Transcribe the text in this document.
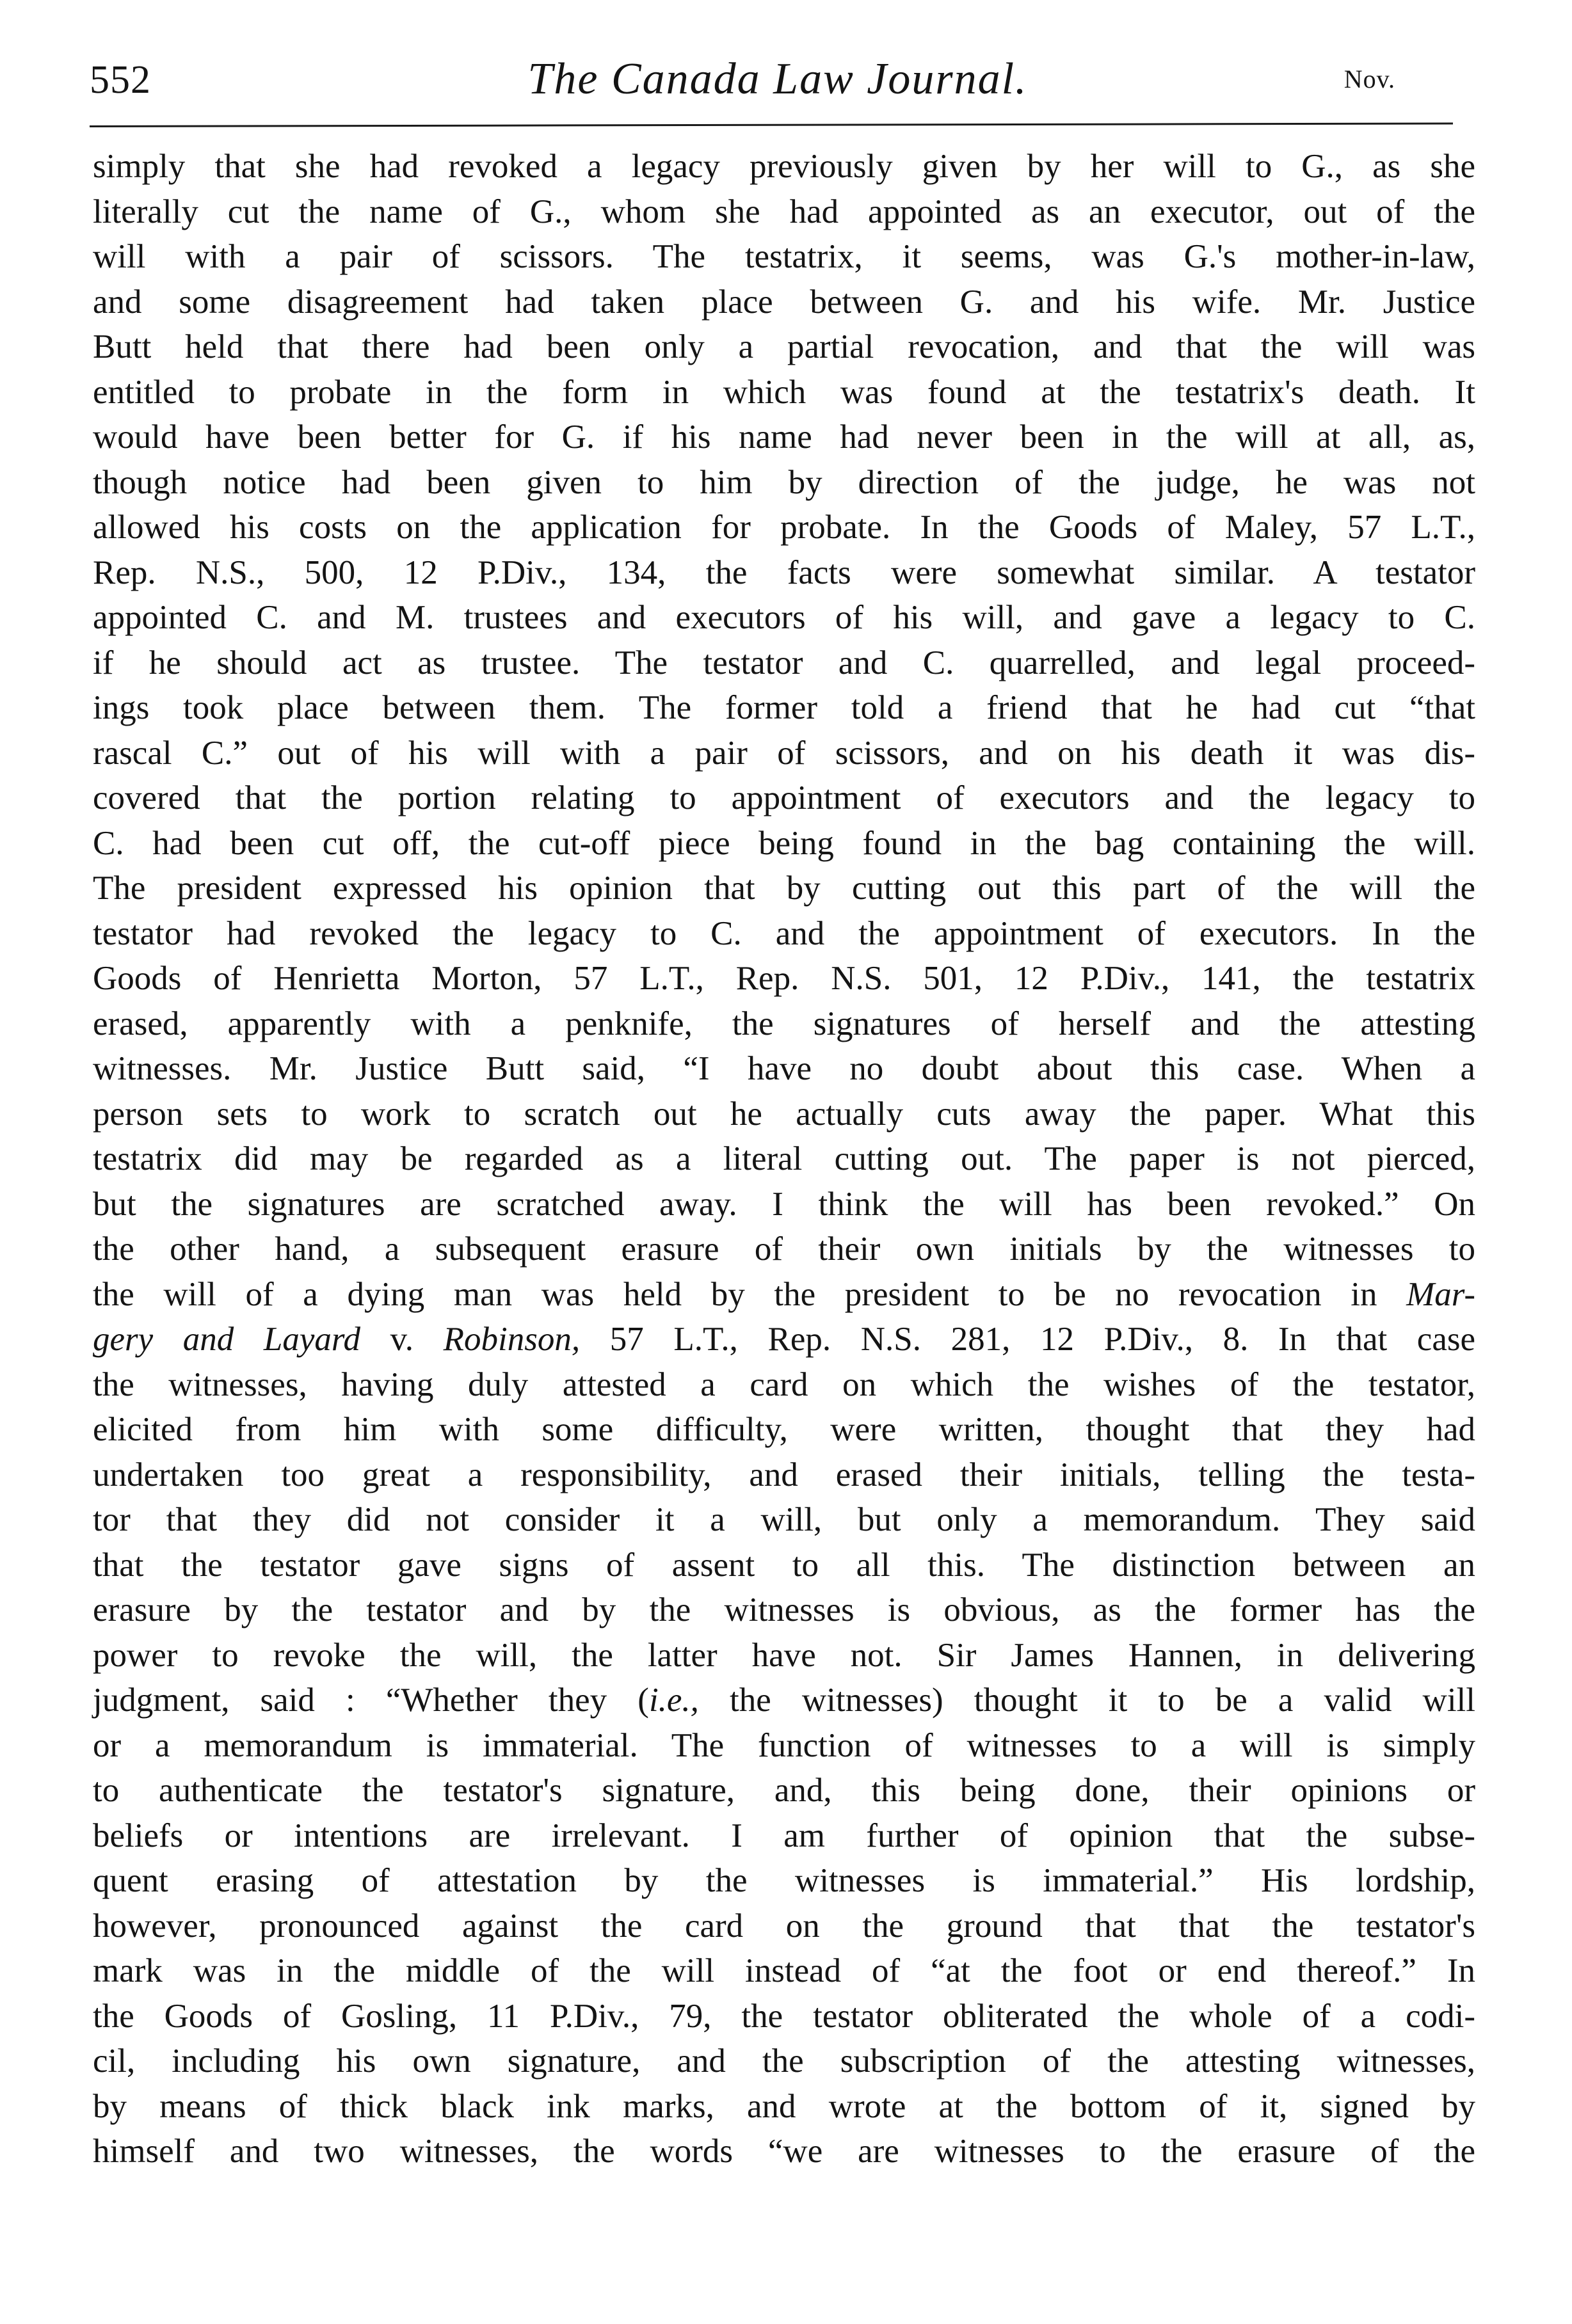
552	The Canada Law Journal.	Nov.
simply that she had revoked a legacy previously given by her will to G., as she
literally cut the name of G., whom she had appointed as an executor, out of the
will with a pair of scissors. The testatrix, it seems, was G.'s mother-in-law,
and some disagreement had taken place between G. and his wife. Mr. Justice
Butt held that there had been only a partial revocation, and that the will was
entitled to probate in the form in which was found at the testatrix's death. It
would have been better for G. if his name had never been in the will at all, as,
though notice had been given to him by direction of the judge, he was not
allowed his costs on the application for probate. In the Goods of Maley, 57 L.T.,
Rep. N.S., 500, 12 P.Div., 134, the facts were somewhat similar. A testator
appointed C. and M. trustees and executors of his will, and gave a legacy to C.
if he should act as trustee. The testator and C. quarrelled, and legal proceed-
ings took place between them. The former told a friend that he had cut “that
rascal C.” out of his will with a pair of scissors, and on his death it was dis-
covered that the portion relating to appointment of executors and the legacy to
C. had been cut off, the cut-off piece being found in the bag containing the will.
The president expressed his opinion that by cutting out this part of the will the
testator had revoked the legacy to C. and the appointment of executors. In the
Goods of Henrietta Morton, 57 L.T., Rep. N.S. 501, 12 P.Div., 141, the testatrix
erased, apparently with a penknife, the signatures of herself and the attesting
witnesses. Mr. Justice Butt said, “I have no doubt about this case. When a
person sets to work to scratch out he actually cuts away the paper. What this
testatrix did may be regarded as a literal cutting out. The paper is not pierced,
but the signatures are scratched away. I think the will has been revoked.” On
the other hand, a subsequent erasure of their own initials by the witnesses to
the will of a dying man was held by the president to be no revocation in Mar-
gery and Layard v. Robinson, 57 L.T., Rep. N.S. 281, 12 P.Div., 8. In that case
the witnesses, having duly attested a card on which the wishes of the testator,
elicited from him with some difficulty, were written, thought that they had
undertaken too great a responsibility, and erased their initials, telling the testa-
tor that they did not consider it a will, but only a memorandum. They said
that the testator gave signs of assent to all this. The distinction between an
erasure by the testator and by the witnesses is obvious, as the former has the
power to revoke the will, the latter have not. Sir James Hannen, in delivering
judgment, said : “Whether they (i.e., the witnesses) thought it to be a valid will
or a memorandum is immaterial. The function of witnesses to a will is simply
to authenticate the testator's signature, and, this being done, their opinions or
beliefs or intentions are irrelevant. I am further of opinion that the subse-
quent erasing of attestation by the witnesses is immaterial.” His lordship,
however, pronounced against the card on the ground that that the testator's
mark was in the middle of the will instead of “at the foot or end thereof.” In
the Goods of Gosling, 11 P.Div., 79, the testator obliterated the whole of a codi-
cil, including his own signature, and the subscription of the attesting witnesses,
by means of thick black ink marks, and wrote at the bottom of it, signed by
himself and two witnesses, the words “we are witnesses to the erasure of the
